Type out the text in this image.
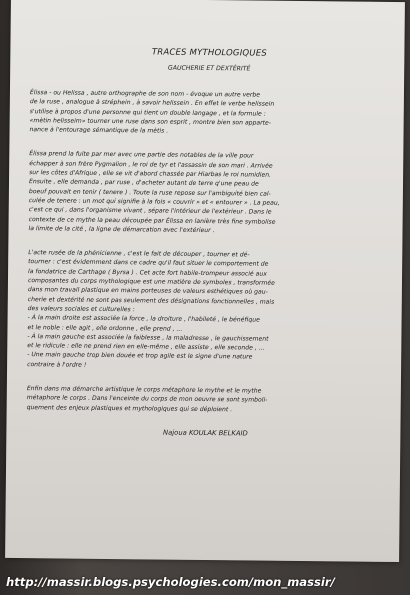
TRACES MYTHOLOGIQUES
GAUCHERIE ET DEXTÉRITÉ
Élissa - ou Helissa , autre orthographe de son nom - évoque un autre verbe
de la ruse , analogue à stréphein , à savoir helissein . En effet le verbe helissein
s'utilise à propos d'une personne qui tient un double langage , et la formule :
«mètin helisseim» tourner une ruse dans son esprit , montre bien son apparte-
nance à l'entourage sémantique de la mètis .
Élissa prend la fuite par mer avec une partie des notables de la ville pour
échapper à son frère Pygmalion , le roi de tyr et l'assassin de son mari . Arrivée
sur les côtes d'Afrique , elle se vit d'abord chassée par Hiarbas le roi numidien.
Ensuite , elle demanda , par ruse , d'acheter autant de terre q'une peau de
boeuf pouvait en tenir ( tenere ) . Toute la ruse repose sur l'ambiguité bien cal-
culée de tenere : un mot qui signifie à la fois « couvrir » et « entourer » . La peau,
c'est ce qui , dans l'organisme vivant , sépare l'intérieur de l'extérieur . Dans le
contexte de ce mythe la peau découpée par Élissa en lanière très fine symbolise
la limite de la cité , la ligne de démarcation avec l'extérieur .
L'acte rusée de la phénicienne , c'est le fait de découper , tourner et dé-
tourner : c'est évidemment dans ce cadre qu'il faut situer le comportement de
la fondatrice de Carthage ( Byrsa ) . Cet acte fort habile-trompeur associé aux
composantes du corps mythologique est une matière de symboles , transformée
dans mon travail plastique en mains porteuses de valeurs esthétiques où gau-
cherie et dextérité ne sont pas seulement des désignations fonctionnelles , mais
des valeurs sociales et culturelles :
- À la main droite est associée la force , la droiture , l'habileté , le bénéfique
et le noble : elle agit , elle ordonne , elle prend , ...
- À la main gauche est associée la faiblesse , la maladresse , le gauchissement
et le ridicule : elle ne prend rien en elle-même , elle assiste , elle seconde , ...
- Une main gauche trop bien douée et trop agile est le signe d'une nature
contraire à l'ordre !
Enfin dans ma démarche artistique le corps métaphore le mythe et le mythe
métaphore le corps . Dans l'enceinte du corps de mon oeuvre se sont symboli-
quement des enjeux plastiques et mythologiques qui se déploient .
Najoua KOULAK BELKAID
http://massir.blogs.psychologies.com/mon_massir/
